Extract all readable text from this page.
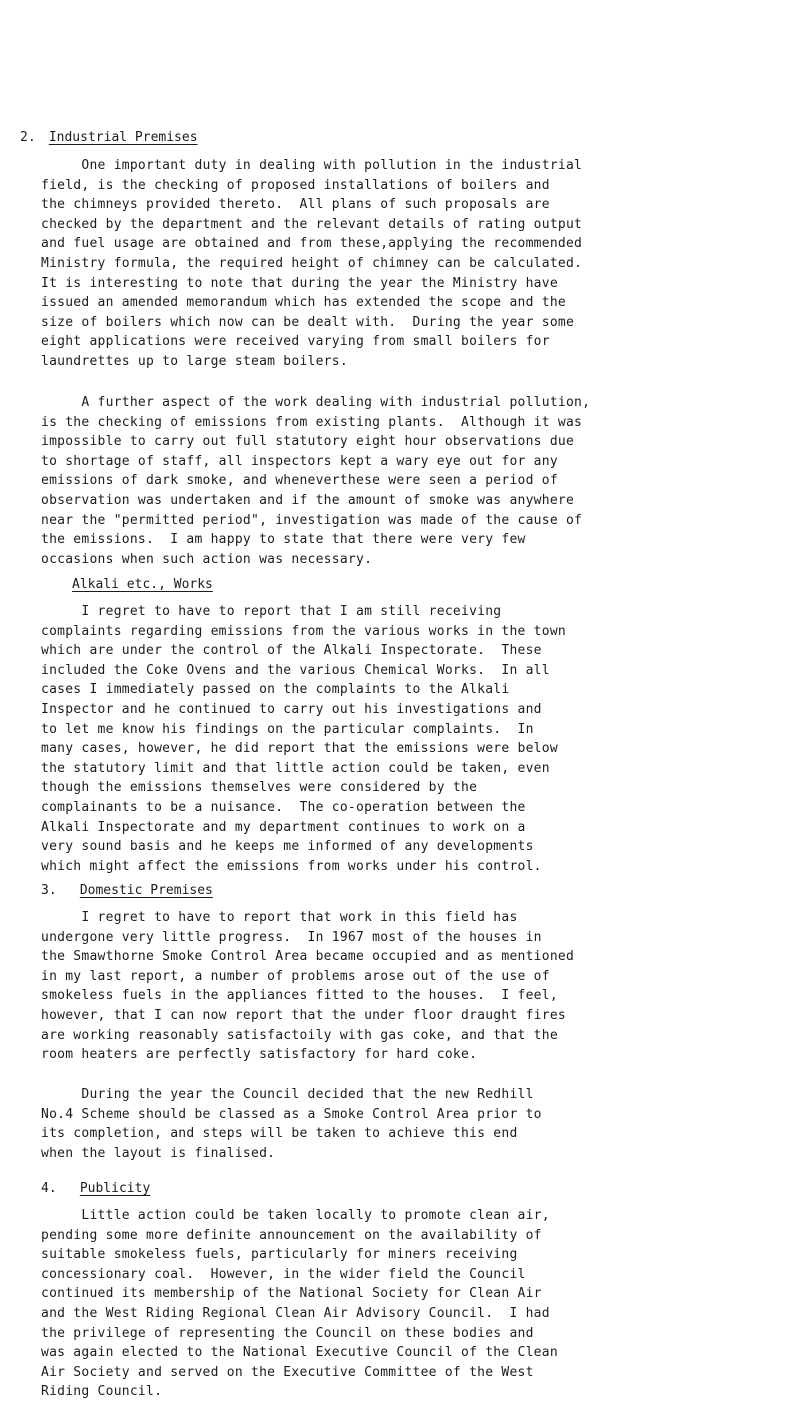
2. Industrial Premises
One important duty in dealing with pollution in the industrial
field, is the checking of proposed installations of boilers and
the chimneys provided thereto.  All plans of such proposals are
checked by the department and the relevant details of rating output
and fuel usage are obtained and from these,applying the recommended
Ministry formula, the required height of chimney can be calculated.
It is interesting to note that during the year the Ministry have
issued an amended memorandum which has extended the scope and the
size of boilers which now can be dealt with.  During the year some
eight applications were received varying from small boilers for
laundrettes up to large steam boilers.
A further aspect of the work dealing with industrial pollution,
is the checking of emissions from existing plants.  Although it was
impossible to carry out full statutory eight hour observations due
to shortage of staff, all inspectors kept a wary eye out for any
emissions of dark smoke, and wheneverthese were seen a period of
observation was undertaken and if the amount of smoke was anywhere
near the "permitted period", investigation was made of the cause of
the emissions.  I am happy to state that there were very few
occasions when such action was necessary.
Alkali etc., Works
I regret to have to report that I am still receiving
complaints regarding emissions from the various works in the town
which are under the control of the Alkali Inspectorate.  These
included the Coke Ovens and the various Chemical Works.  In all
cases I immediately passed on the complaints to the Alkali
Inspector and he continued to carry out his investigations and
to let me know his findings on the particular complaints.  In
many cases, however, he did report that the emissions were below
the statutory limit and that little action could be taken, even
though the emissions themselves were considered by the
complainants to be a nuisance.  The co-operation between the
Alkali Inspectorate and my department continues to work on a
very sound basis and he keeps me informed of any developments
which might affect the emissions from works under his control.
3. Domestic Premises
I regret to have to report that work in this field has
undergone very little progress.  In 1967 most of the houses in
the Smawthorne Smoke Control Area became occupied and as mentioned
in my last report, a number of problems arose out of the use of
smokeless fuels in the appliances fitted to the houses.  I feel,
however, that I can now report that the under floor draught fires
are working reasonably satisfactoily with gas coke, and that the
room heaters are perfectly satisfactory for hard coke.
During the year the Council decided that the new Redhill
No.4 Scheme should be classed as a Smoke Control Area prior to
its completion, and steps will be taken to achieve this end
when the layout is finalised.
4. Publicity
Little action could be taken locally to promote clean air,
pending some more definite announcement on the availability of
suitable smokeless fuels, particularly for miners receiving
concessionary coal.  However, in the wider field the Council
continued its membership of the National Society for Clean Air
and the West Riding Regional Clean Air Advisory Council.  I had
the privilege of representing the Council on these bodies and
was again elected to the National Executive Council of the Clean
Air Society and served on the Executive Committee of the West
Riding Council.
